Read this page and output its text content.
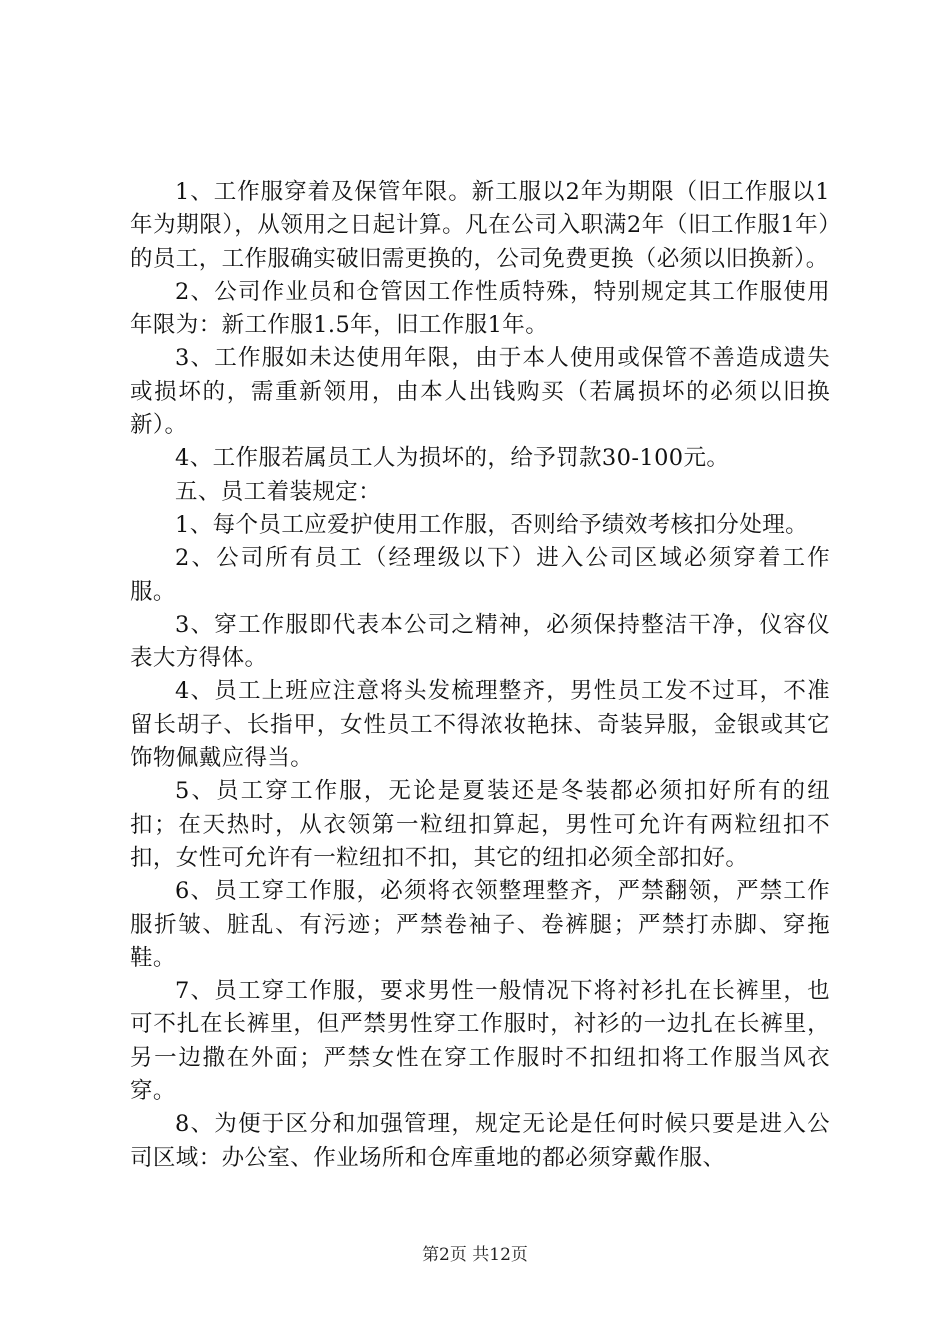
1、工作服穿着及保管年限。新工服以2年为期限（旧工作服以1年为期限），从领用之日起计算。凡在公司入职满2年（旧工作服1年）的员工，工作服确实破旧需更换的，公司免费更换（必须以旧换新）。

2、公司作业员和仓管因工作性质特殊，特别规定其工作服使用年限为：新工作服1.5年，旧工作服1年。

3、工作服如未达使用年限，由于本人使用或保管不善造成遗失或损坏的，需重新领用，由本人出钱购买（若属损坏的必须以旧换新）。

4、工作服若属员工人为损坏的，给予罚款30-100元。

五、员工着装规定：

1、每个员工应爱护使用工作服，否则给予绩效考核扣分处理。

2、公司所有员工（经理级以下）进入公司区域必须穿着工作服。

3、穿工作服即代表本公司之精神，必须保持整洁干净，仪容仪表大方得体。

4、员工上班应注意将头发梳理整齐，男性员工发不过耳，不准留长胡子、长指甲，女性员工不得浓妆艳抹、奇装异服，金银或其它饰物佩戴应得当。

5、员工穿工作服，无论是夏装还是冬装都必须扣好所有的纽扣；在天热时，从衣领第一粒纽扣算起，男性可允许有两粒纽扣不扣，女性可允许有一粒纽扣不扣，其它的纽扣必须全部扣好。

6、员工穿工作服，必须将衣领整理整齐，严禁翻领，严禁工作服折皱、脏乱、有污迹；严禁卷袖子、卷裤腿；严禁打赤脚、穿拖鞋。

7、员工穿工作服，要求男性一般情况下将衬衫扎在长裤里，也可不扎在长裤里，但严禁男性穿工作服时，衬衫的一边扎在长裤里，另一边撒在外面；严禁女性在穿工作服时不扣纽扣将工作服当风衣穿。

8、为便于区分和加强管理，规定无论是任何时候只要是进入公司区域：办公室、作业场所和仓库重地的都必须穿戴作服、

第2页 共12页
